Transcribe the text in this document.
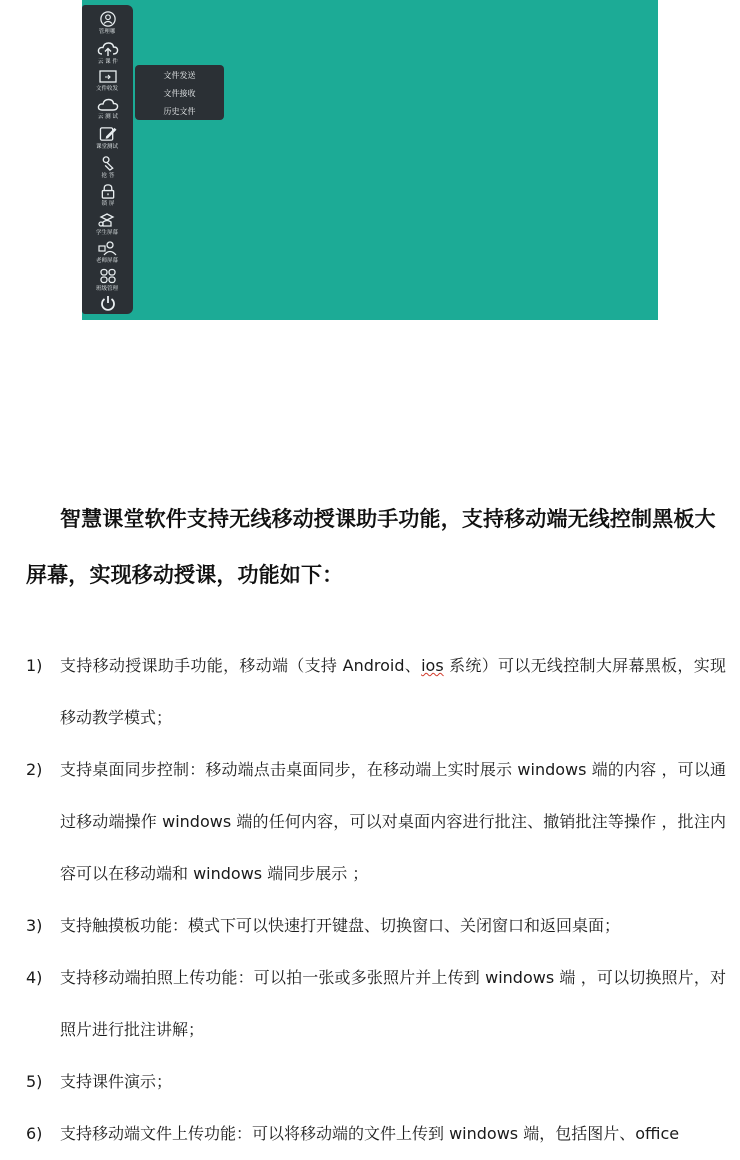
管理哪
云 课 件
文件收发
云 测 试
课堂测试
抢 答
锁 屏
学生屏幕
老师屏幕
班级管理
文件发送
文件接收
历史文件

智慧课堂软件支持无线移动授课助手功能，支持移动端无线控制黑板大屏幕，实现移动授课，功能如下：

1) 支持移动授课助手功能，移动端（支持 Android、ios 系统）可以无线控制大屏幕黑板，实现移动教学模式；
2) 支持桌面同步控制：移动端点击桌面同步，在移动端上实时展示 windows 端的内容 ，可以通过移动端操作 windows 端的任何内容，可以对桌面内容进行批注、撤销批注等操作 ，批注内容可以在移动端和 windows 端同步展示 ；
3) 支持触摸板功能：模式下可以快速打开键盘、切换窗口、关闭窗口和返回桌面；
4) 支持移动端拍照上传功能：可以拍一张或多张照片并上传到 windows 端 ，可以切换照片，对照片进行批注讲解；
5) 支持课件演示；
6) 支持移动端文件上传功能：可以将移动端的文件上传到 windows 端，包括图片、office
